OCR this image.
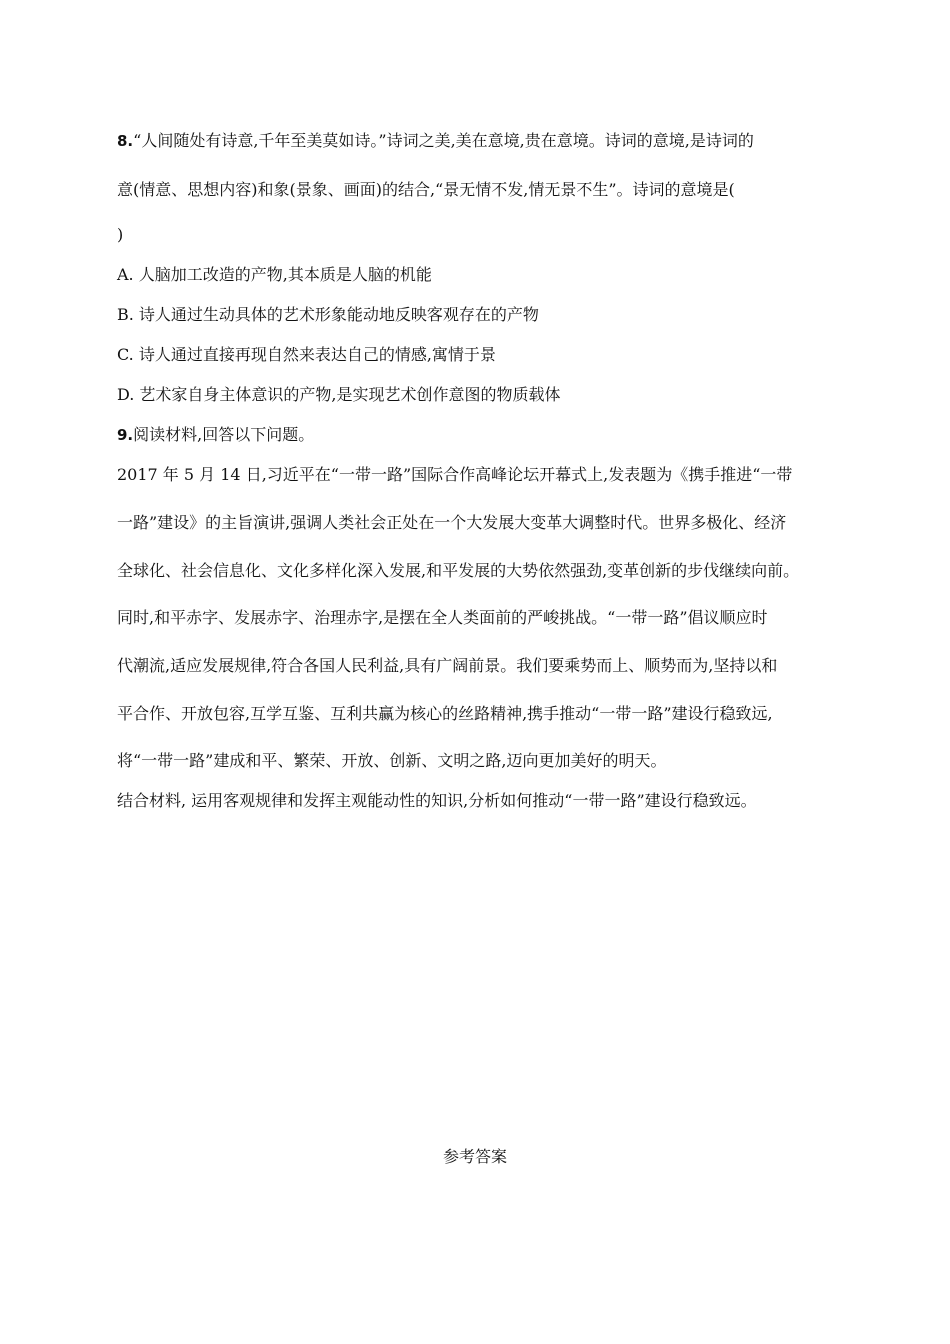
8.“人间随处有诗意,千年至美莫如诗。”诗词之美,美在意境,贵在意境。诗词的意境,是诗词的
意(情意、思想内容)和象(景象、画面)的结合,“景无情不发,情无景不生”。诗词的意境是(
)
A. 人脑加工改造的产物,其本质是人脑的机能
B. 诗人通过生动具体的艺术形象能动地反映客观存在的产物
C. 诗人通过直接再现自然来表达自己的情感,寓情于景
D. 艺术家自身主体意识的产物,是实现艺术创作意图的物质载体
9.阅读材料,回答以下问题。
2017 年 5 月 14 日,习近平在“一带一路”国际合作高峰论坛开幕式上,发表题为《携手推进“一带
一路”建设》的主旨演讲,强调人类社会正处在一个大发展大变革大调整时代。世界多极化、经济
全球化、社会信息化、文化多样化深入发展,和平发展的大势依然强劲,变革创新的步伐继续向前。
同时,和平赤字、发展赤字、治理赤字,是摆在全人类面前的严峻挑战。“一带一路”倡议顺应时
代潮流,适应发展规律,符合各国人民利益,具有广阔前景。我们要乘势而上、顺势而为,坚持以和
平合作、开放包容,互学互鉴、互利共赢为核心的丝路精神,携手推动“一带一路”建设行稳致远,
将“一带一路”建成和平、繁荣、开放、创新、文明之路,迈向更加美好的明天。
结合材料, 运用客观规律和发挥主观能动性的知识,分析如何推动“一带一路”建设行稳致远。
参考答案
